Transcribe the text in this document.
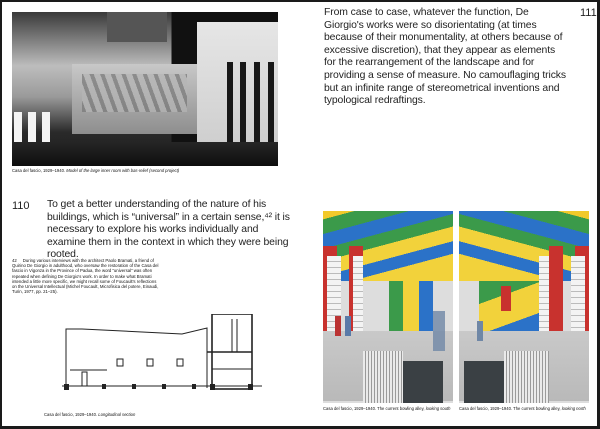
Casa del fascio, 1929–1940. Model of the large inner room with bas-relief (second project)
110 To get a better understanding of the nature of his buildings, which is “universal” in a certain sense,⁴² it is necessary to explore his works individually and examine them in the context in which they were being rooted.
42 During various interviews with the architect Paolo Bramati, a friend of Quirino De Giorgio in adulthood, who oversaw the restoration of the Casa del fascio in Vigonza in the Province of Padua, the word “universal” was often repeated when defining De Giorgio's work. In order to make what Bramati intended a little more specific, we might recall some of Foucault's reflections on the Universal Intellectual (Michel Foucault, Microfisica del potere, Einaudi, Turin, 1977, pp. 21–25).
Casa del fascio, 1929–1940. Longitudinal section
From case to case, whatever the function, De Giorgio's works were so disorientating (at times because of their monumentality, at others because of excessive discretion), that they appear as elements for the rearrangement of the landscape and for providing a sense of measure. No camouflaging tricks but an infinite range of stereometrical inventions and typological redraftings.
111
Casa del fascio, 1929–1940. The current bowling alley, looking south	Casa del fascio, 1929–1940. The current bowling alley, looking north
